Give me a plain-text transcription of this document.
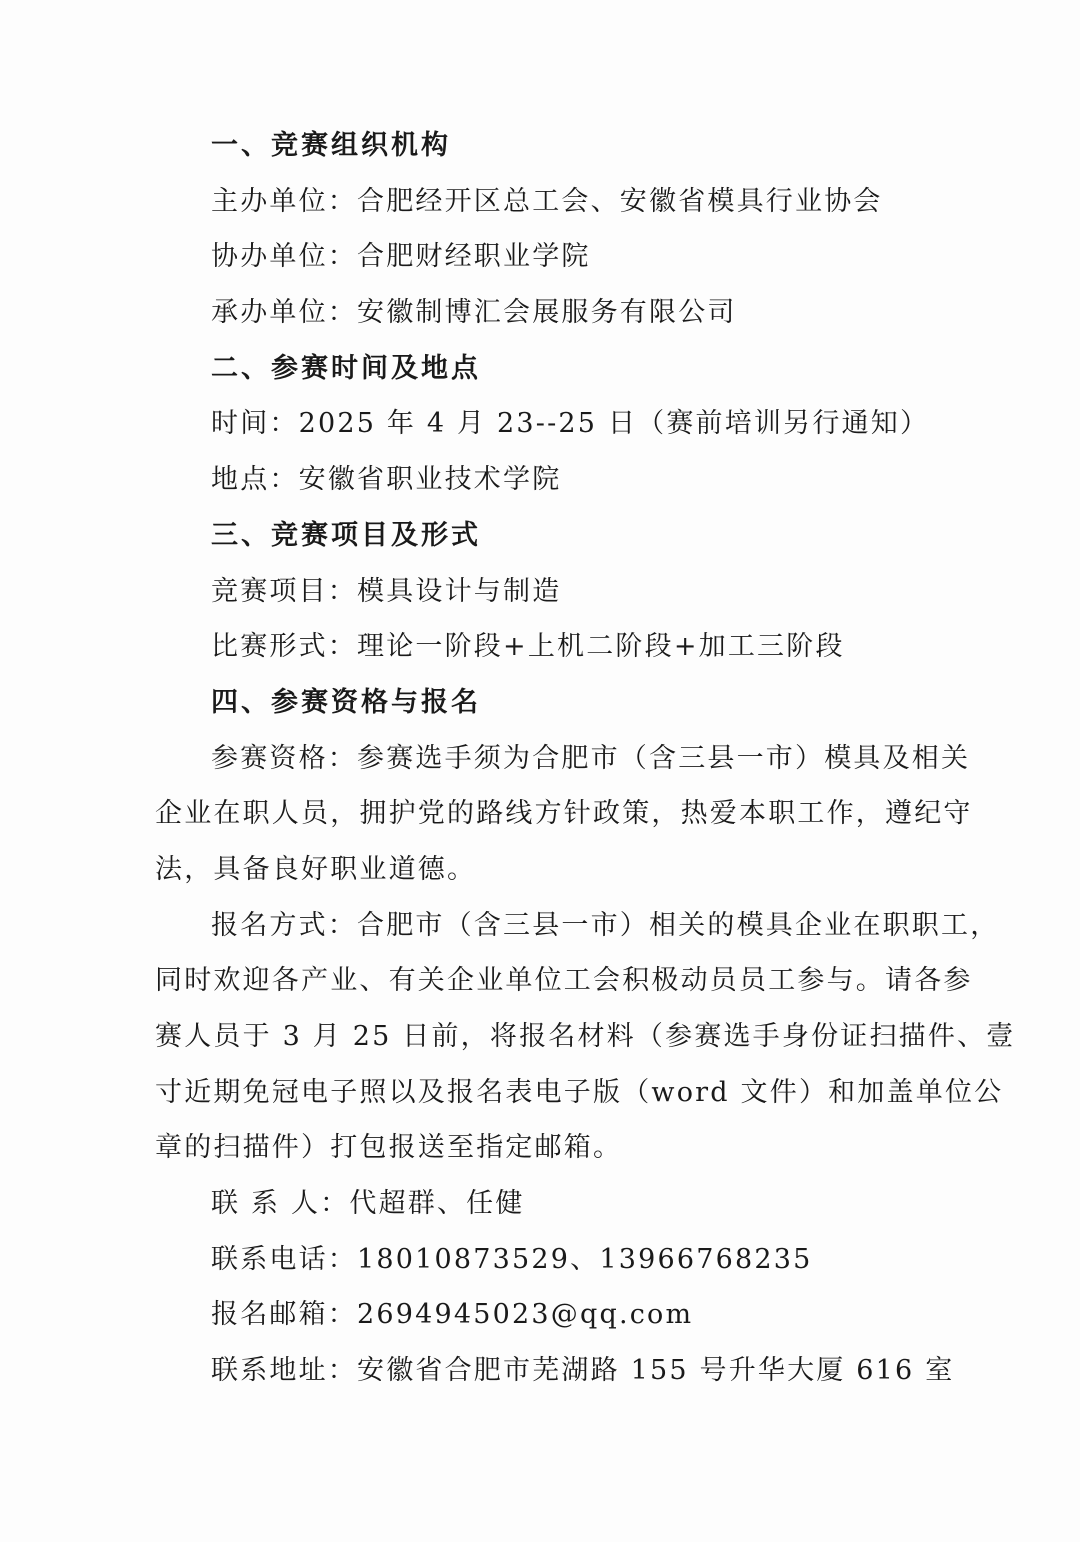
一、竞赛组织机构
主办单位：合肥经开区总工会、安徽省模具行业协会
协办单位：合肥财经职业学院
承办单位：安徽制博汇会展服务有限公司
二、参赛时间及地点
时间：2025 年 4 月 23--25 日（赛前培训另行通知）
地点：安徽省职业技术学院
三、竞赛项目及形式
竞赛项目：模具设计与制造
比赛形式：理论一阶段+上机二阶段+加工三阶段
四、参赛资格与报名
参赛资格：参赛选手须为合肥市（含三县一市）模具及相关
企业在职人员，拥护党的路线方针政策，热爱本职工作，遵纪守
法，具备良好职业道德。
报名方式：合肥市（含三县一市）相关的模具企业在职职工，
同时欢迎各产业、有关企业单位工会积极动员员工参与。请各参
赛人员于 3 月 25 日前，将报名材料（参赛选手身份证扫描件、壹
寸近期免冠电子照以及报名表电子版（word 文件）和加盖单位公
章的扫描件）打包报送至指定邮箱。
联 系 人：代超群、任健
联系电话：18010873529、13966768235
报名邮箱：2694945023@qq.com
联系地址：安徽省合肥市芜湖路 155 号升华大厦 616 室
